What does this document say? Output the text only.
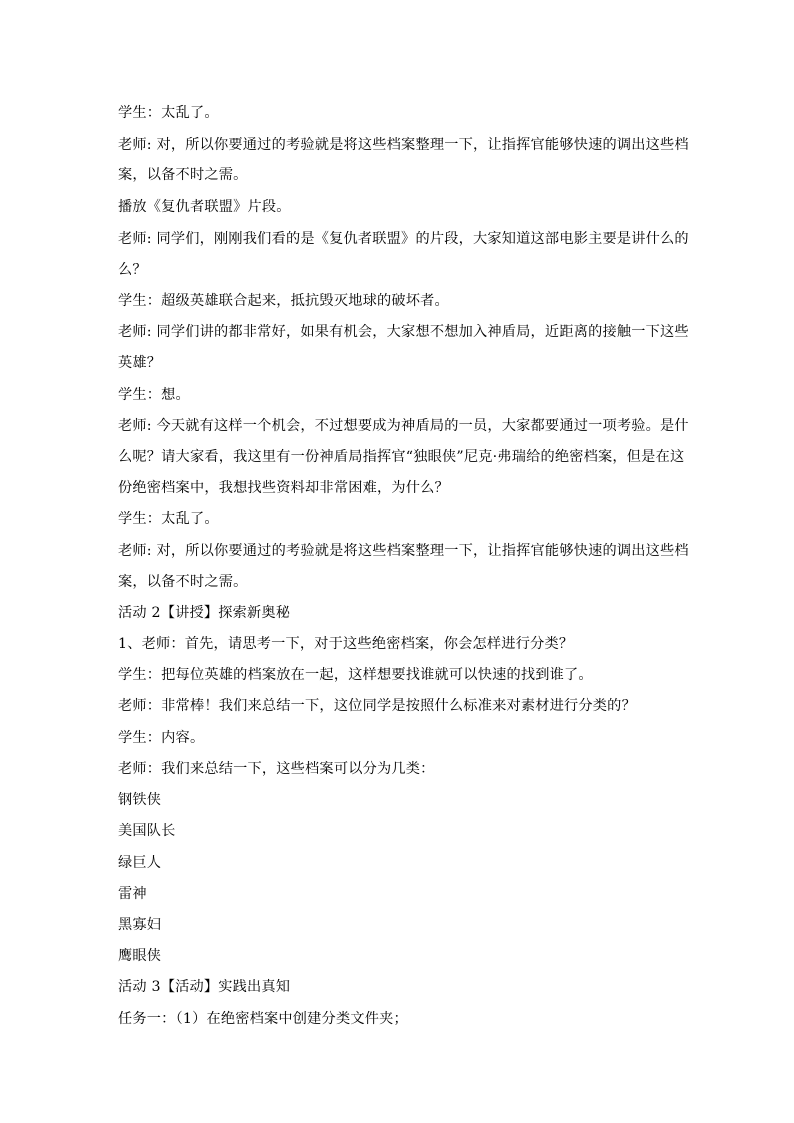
学生：太乱了。
老师: 对，所以你要通过的考验就是将这些档案整理一下，让指挥官能够快速的调出这些档
案，以备不时之需。
播放《复仇者联盟》片段。
老师: 同学们，刚刚我们看的是《复仇者联盟》的片段，大家知道这部电影主要是讲什么的
么？
学生：超级英雄联合起来，抵抗毁灭地球的破坏者。
老师: 同学们讲的都非常好，如果有机会，大家想不想加入神盾局，近距离的接触一下这些
英雄？
学生：想。
老师: 今天就有这样一个机会，不过想要成为神盾局的一员，大家都要通过一项考验。是什
么呢？请大家看，我这里有一份神盾局指挥官“独眼侠”尼克·弗瑞给的绝密档案，但是在这
份绝密档案中，我想找些资料却非常困难，为什么？
学生：太乱了。
老师: 对，所以你要通过的考验就是将这些档案整理一下，让指挥官能够快速的调出这些档
案，以备不时之需。
活动 2【讲授】探索新奥秘
1、老师：首先，请思考一下，对于这些绝密档案，你会怎样进行分类？
学生：把每位英雄的档案放在一起，这样想要找谁就可以快速的找到谁了。
老师：非常棒！我们来总结一下，这位同学是按照什么标准来对素材进行分类的？
学生：内容。
老师：我们来总结一下，这些档案可以分为几类：
钢铁侠
美国队长
绿巨人
雷神
黑寡妇
鹰眼侠
活动 3【活动】实践出真知
任务一：（1）在绝密档案中创建分类文件夹；
